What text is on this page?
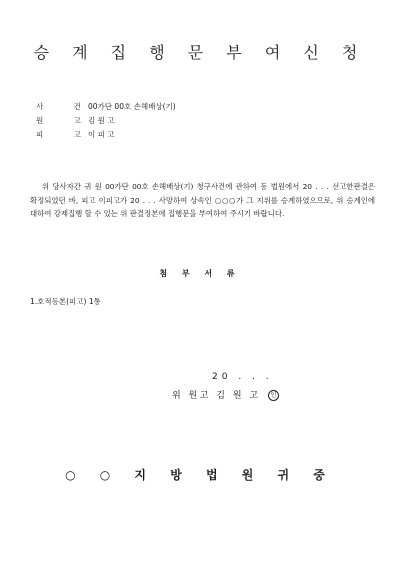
승 계 집 행 문 부 여 신 청
사 건00가단 00호 손해배상(기)
원 고김 원 고
피 고이 피 고
위 당사자간 귀 원 00가단 00호 손해배상(기) 청구사건에 관하여 동 법원에서 20 . . . 선고한판결은 확정되었던 바, 피고 이피고가 20 . . . 사망하여 상속인 ○○○가 그 지위를 승계하였으므로, 위 승계인에 대하여 강제집행 할 수 있는 위 판결정본에 집행문을 부여하여 주시기 바랍니다.
첨 부 서 류
1.호적등본(피고) 1통
20 . . .
위 원고 김 원 고 인
○ ○ 지 방 법 원 귀 중
